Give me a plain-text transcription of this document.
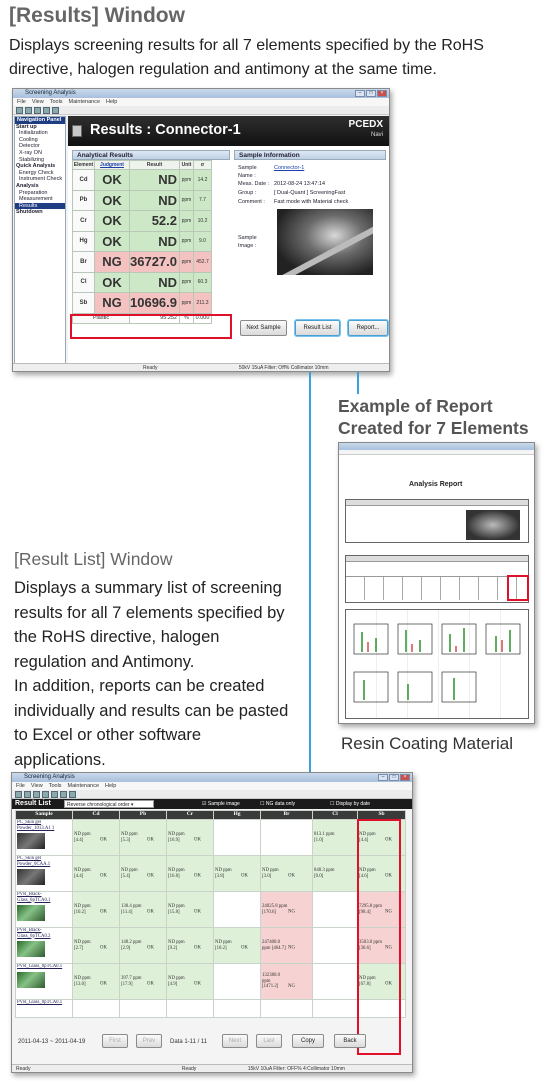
[Results] Window
Displays screening results for all 7 elements specified by the RoHS
directive, halogen regulation and antimony at the same time.
Screening Analysis	–	□	×
File View Tools Maintenance Help
Navigation Panel
Start up
Initialization
Cooling
Detector
X-ray ON
Stabilizing
Quick Analysis
Energy Check
Instrument Check
Analysis
Preparation
Measurement
Results
Shutdown
Results : Connector-1	PCEDX
Navi
Analytical Results
Element	Judgment	Result	Unit	σ
Cd	OK	ND	ppm	14.2
Pb	OK	ND	ppm	7.7
Cr	OK	52.2	ppm	10.2
Hg	OK	ND	ppm	9.0
Br	NG	36727.0	ppm	452.7
Cl	OK	ND	ppm	60.3
Sb	NG	10696.9	ppm	211.3
Plastic		95.252	%	0.000
Sample Information
Sample Name :
Connector-1
Meas. Date : 2012-08-24 13:47:14
Group :	[ Dual-Quant ] ScreeningFast
Comment : Fast mode with Material check
Sample Image :
Next Sample	Result List	Report...
Ready	50kV 15uA Filter: Off% Collimator 10mm
Example of Report
Created for 7 Elements
Analysis Report
Resin Coating Material
[Result List] Window
Displays a summary list of screening
results for all 7 elements specified by
the RoHS directive, halogen
regulation and Antimony.
In addition, reports can be created
individually and results can be pasted
to Excel or other software
applications.
Screening Analysis	–	□	×
File View Tools Maintenance Help
Result List	Reverse chronological order ▾	☑ Sample image	☐ NG data only	☐ Display by date
Sample	Cd	Pb	Cr	Hg	Br	Cl	Sb
PC_Skin gel Powder_1013.A1 1	ND ppm [4.4] OK	ND ppm [5.3] OK	ND ppm [16.9] OK			813.1 ppm [1.0]	ND ppm [4.4] OK
PC_Skin gel Powder_0CAA.1	ND ppm [4.4] OK	ND ppm [5.4] OK	ND ppm [16.8] OK	ND ppm [3.8] OK	ND ppm [3.0] OK	848.3 ppm [0.0]	ND ppm [4.6] OK
PVR_Black-Glass_0pTCA0.1	ND ppm [10.2] OK	130.4 ppm [11.4] OK	ND ppm [15.8] OK		24025.8 ppm [170.6] NG		7295.8 ppm [98.4] NG
PVR_Black-Glass_0pTCA0.2	ND ppm [2.7] OK	148.2 ppm [2.9] OK	ND ppm [9.2] OK	ND ppm [10.2] OK	247400.0 ppm [464.7] NG		3503.0 ppm [30.6] NG
PVR_Glass_0pTCA0.1	ND ppm [13.0] OK	397.7 ppm [17.9] OK	ND ppm [4.9] OK		132380.0 ppm [1471.2] NG		ND ppm [67.8] OK
PVR_Glass_0pTCA0.1							
2011-04-13 ~ 2011-04-19	First	Prev	Data 1-11 / 11	Next	Last	Copy	Back
Ready	Ready	15kV 10uA Filter: OFF% 4:Collimator 10mm
